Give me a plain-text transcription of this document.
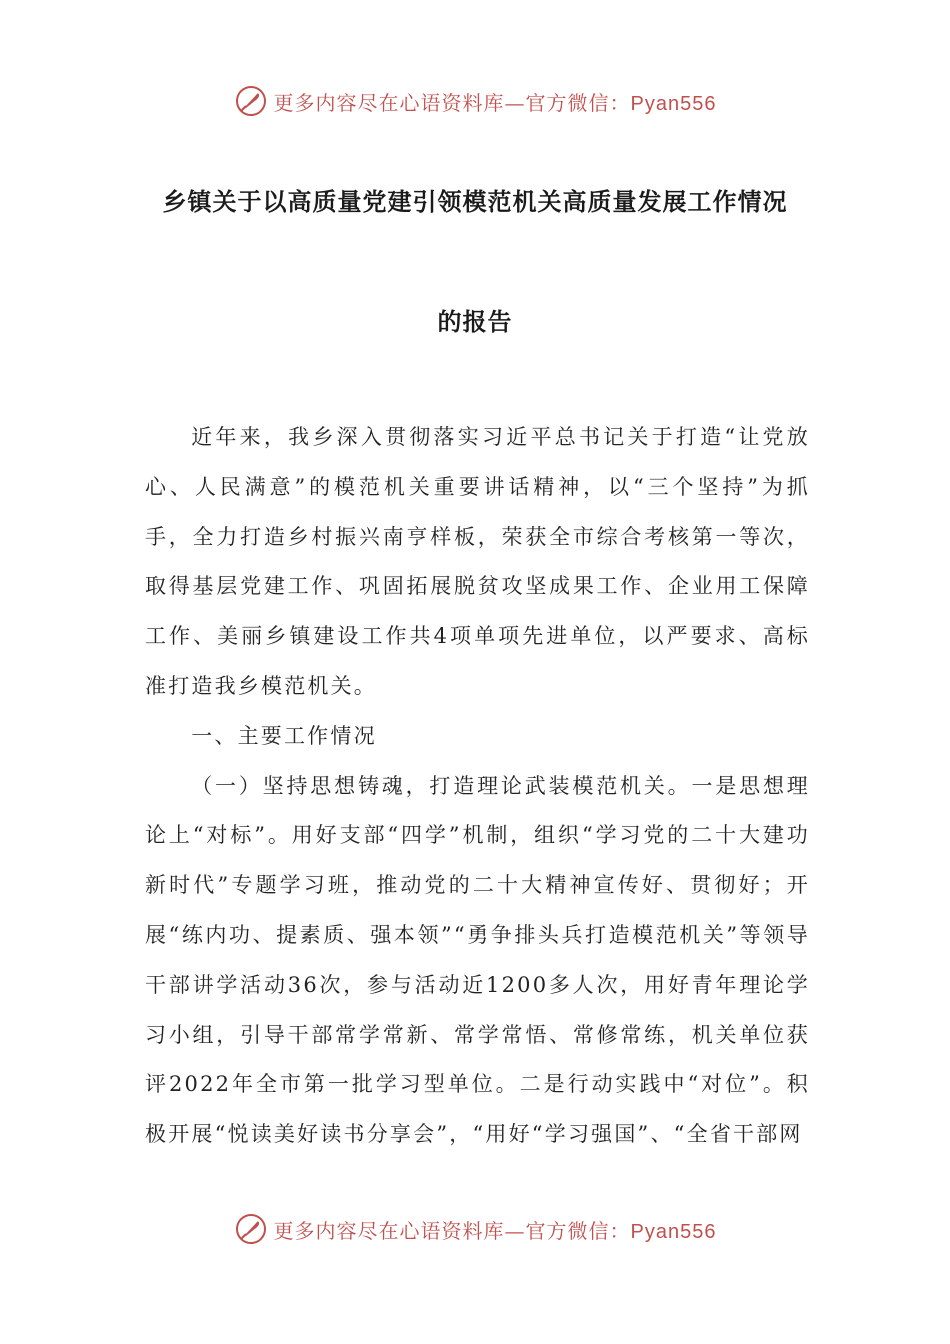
更多内容尽在心语资料库—官方微信：Pyan556
乡镇关于以高质量党建引领模范机关高质量发展工作情况
的报告

近年来，我乡深入贯彻落实习近平总书记关于打造“让党放心、人民满意”的模范机关重要讲话精神，以“三个坚持”为抓手，全力打造乡村振兴南亨样板，荣获全市综合考核第一等次，取得基层党建工作、巩固拓展脱贫攻坚成果工作、企业用工保障工作、美丽乡镇建设工作共4项单项先进单位，以严要求、高标准打造我乡模范机关。

一、主要工作情况

（一）坚持思想铸魂，打造理论武装模范机关。一是思想理论上“对标”。用好支部“四学”机制，组织“学习党的二十大建功新时代”专题学习班，推动党的二十大精神宣传好、贯彻好；开展“练内功、提素质、强本领”“勇争排头兵打造模范机关”等领导干部讲学活动36次，参与活动近1200多人次，用好青年理论学习小组，引导干部常学常新、常学常悟、常修常练，机关单位获评2022年全市第一批学习型单位。二是行动实践中“对位”。积极开展“悦读美好读书分享会”，“用好“学习强国”、“全省干部网

更多内容尽在心语资料库—官方微信：Pyan556
